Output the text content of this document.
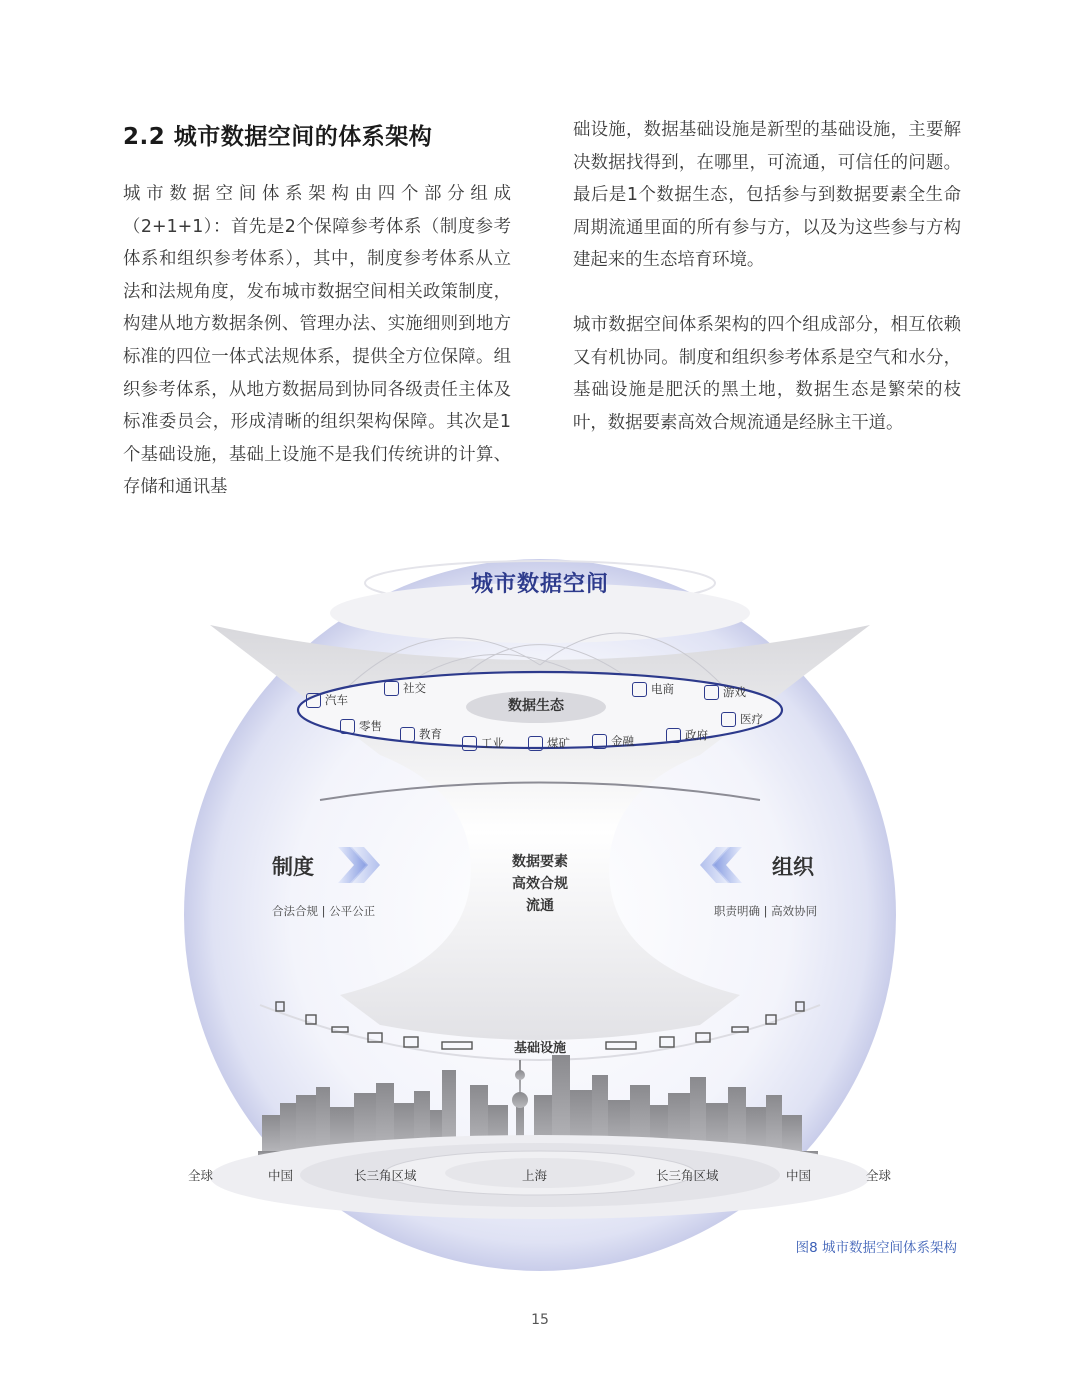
2.2 城市数据空间的体系架构

城市数据空间体系架构由四个部分组成（2+1+1）：首先是2个保障参考体系（制度参考体系和组织参考体系），其中，制度参考体系从立法和法规角度，发布城市数据空间相关政策制度，构建从地方数据条例、管理办法、实施细则到地方标准的四位一体式法规体系，提供全方位保障。组织参考体系，从地方数据局到协同各级责任主体及标准委员会，形成清晰的组织架构保障。其次是1个基础设施，基础上设施不是我们传统讲的计算、存储和通讯基

础设施，数据基础设施是新型的基础设施，主要解决数据找得到，在哪里，可流通，可信任的问题。最后是1个数据生态，包括参与到数据要素全生命周期流通里面的所有参与方，以及为这些参与方构建起来的生态培育环境。

城市数据空间体系架构的四个组成部分，相互依赖又有机协同。制度和组织参考体系是空气和水分，基础设施是肥沃的黑土地，数据生态是繁荣的枝叶，数据要素高效合规流通是经脉主干道。

城市数据空间
数据生态
汽车
社交	电商	游戏
零售	医疗
教育
工业	煤矿	金融	政府
制度
合法合规 | 公平公正
组织
职责明确 | 高效协同
数据要素
高效合规
流通
基础设施
全球	中国	长三角区域	上海	长三角区域	中国	全球
图8 城市数据空间体系架构
15
